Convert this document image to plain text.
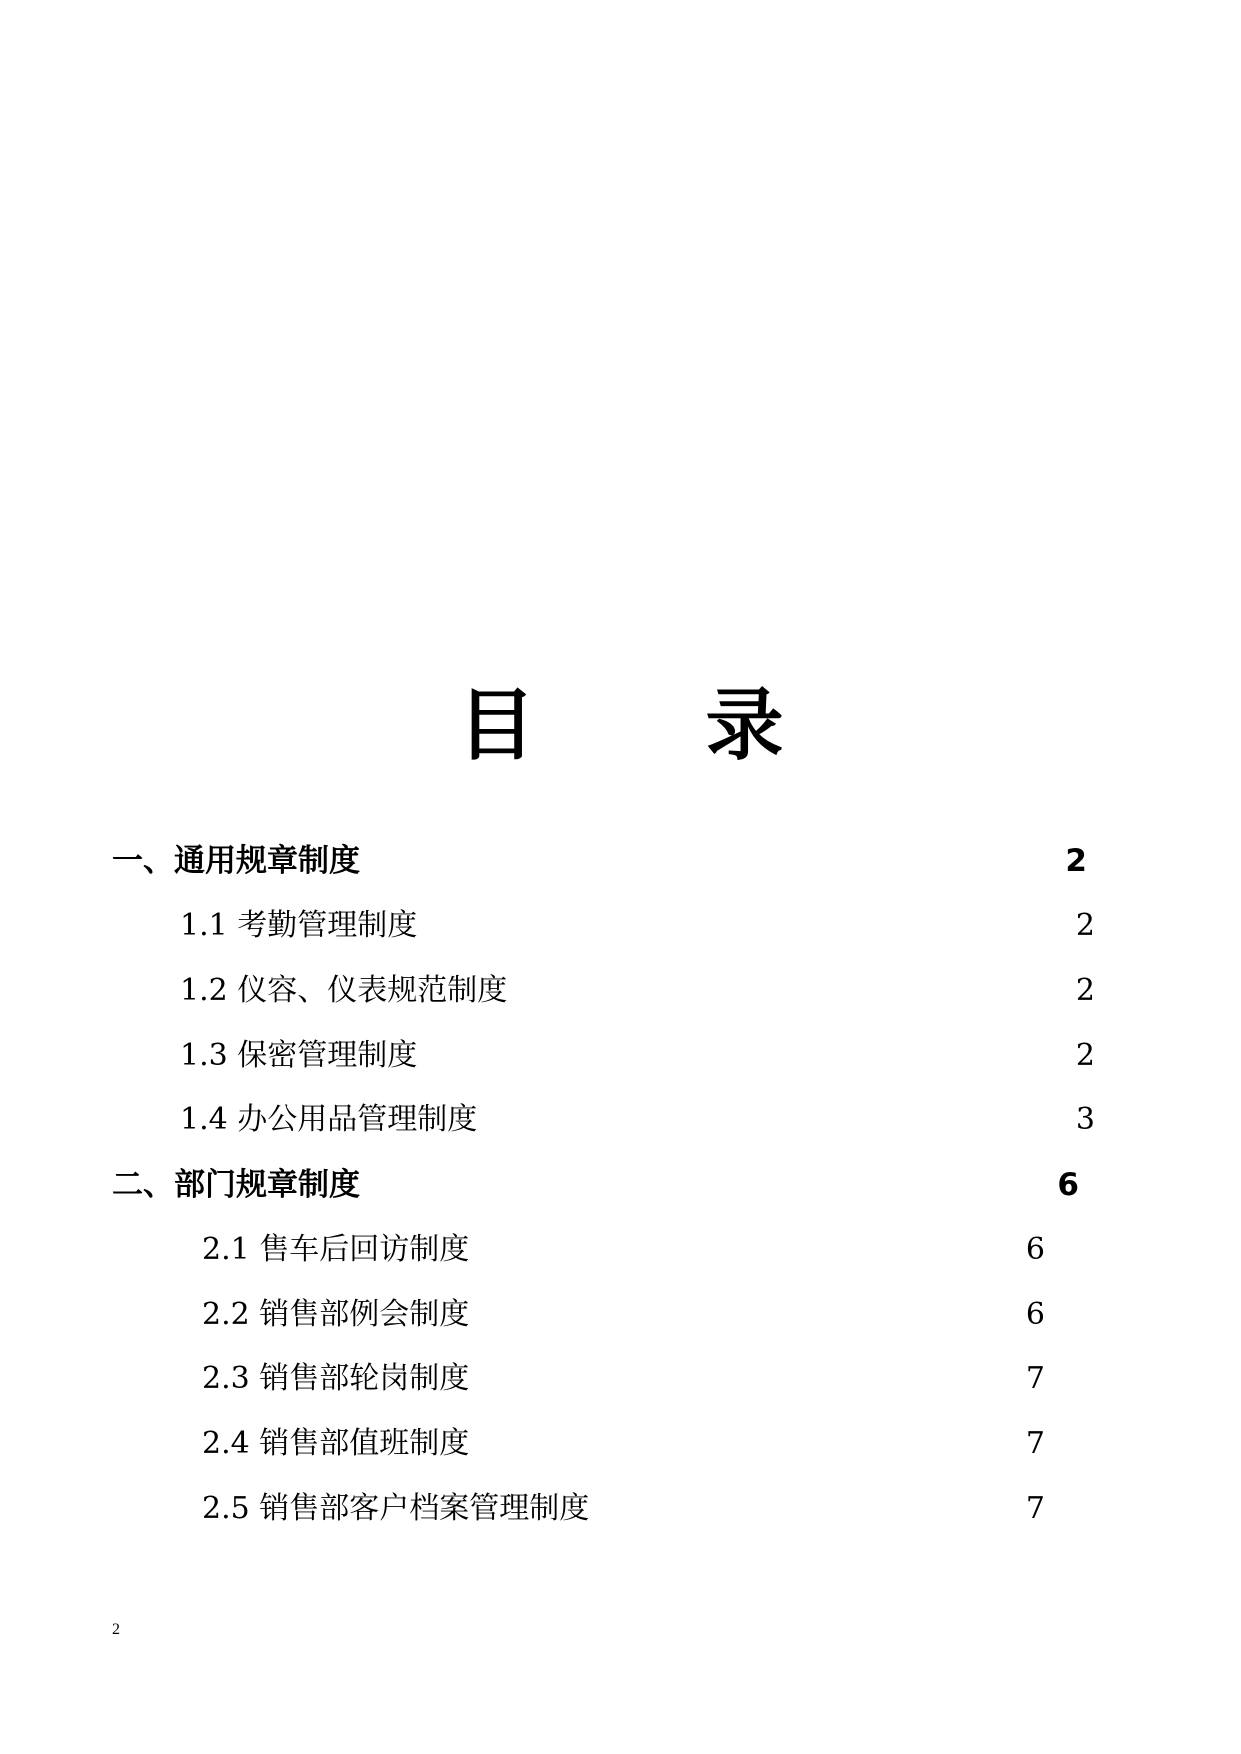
目 录
一、通用规章制度	2
1.1 考勤管理制度	2
1.2 仪容、仪表规范制度	2
1.3 保密管理制度	2
1.4 办公用品管理制度	3
二、部门规章制度	6
2.1 售车后回访制度	6
2.2 销售部例会制度	6
2.3 销售部轮岗制度	7
2.4 销售部值班制度	7
2.5 销售部客户档案管理制度	7
2
